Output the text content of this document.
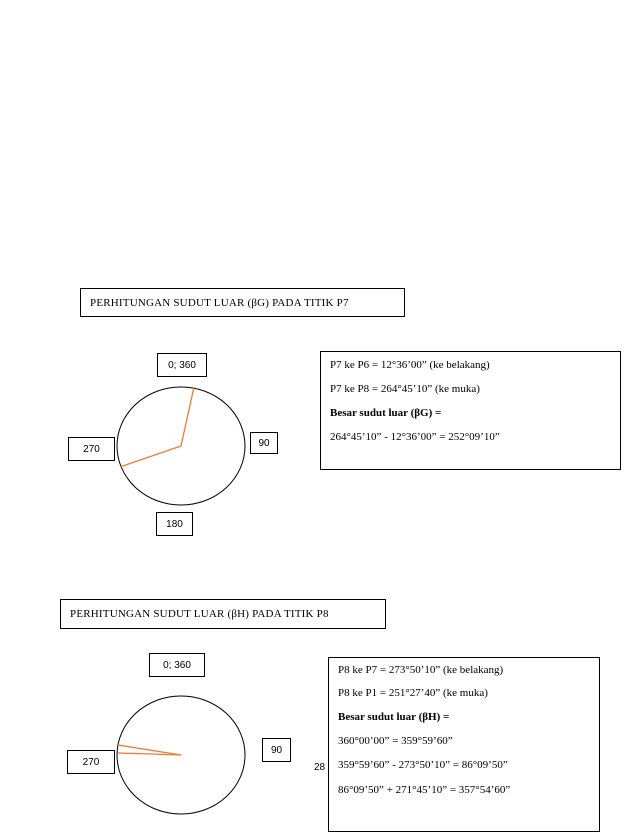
PERHITUNGAN SUDUT LUAR (βG) PADA TITIK P7
0; 360
90
180
270
P7 ke P6 = 12°36’00” (ke belakang)
P7 ke P8 = 264°45’10” (ke muka)
Besar sudut luar (βG) =
264°45’10” - 12°36’00” = 252°09’10”
PERHITUNGAN SUDUT LUAR (βH) PADA TITIK P8
0; 360
90
270	28
P8 ke P7 = 273°50’10” (ke belakang)
P8 ke P1 = 251°27’40” (ke muka)
Besar sudut luar (βH) =
360°00’00” = 359°59’60”
359°59’60” - 273°50’10” = 86°09’50”
86°09’50” + 271°45’10” = 357°54’60”
